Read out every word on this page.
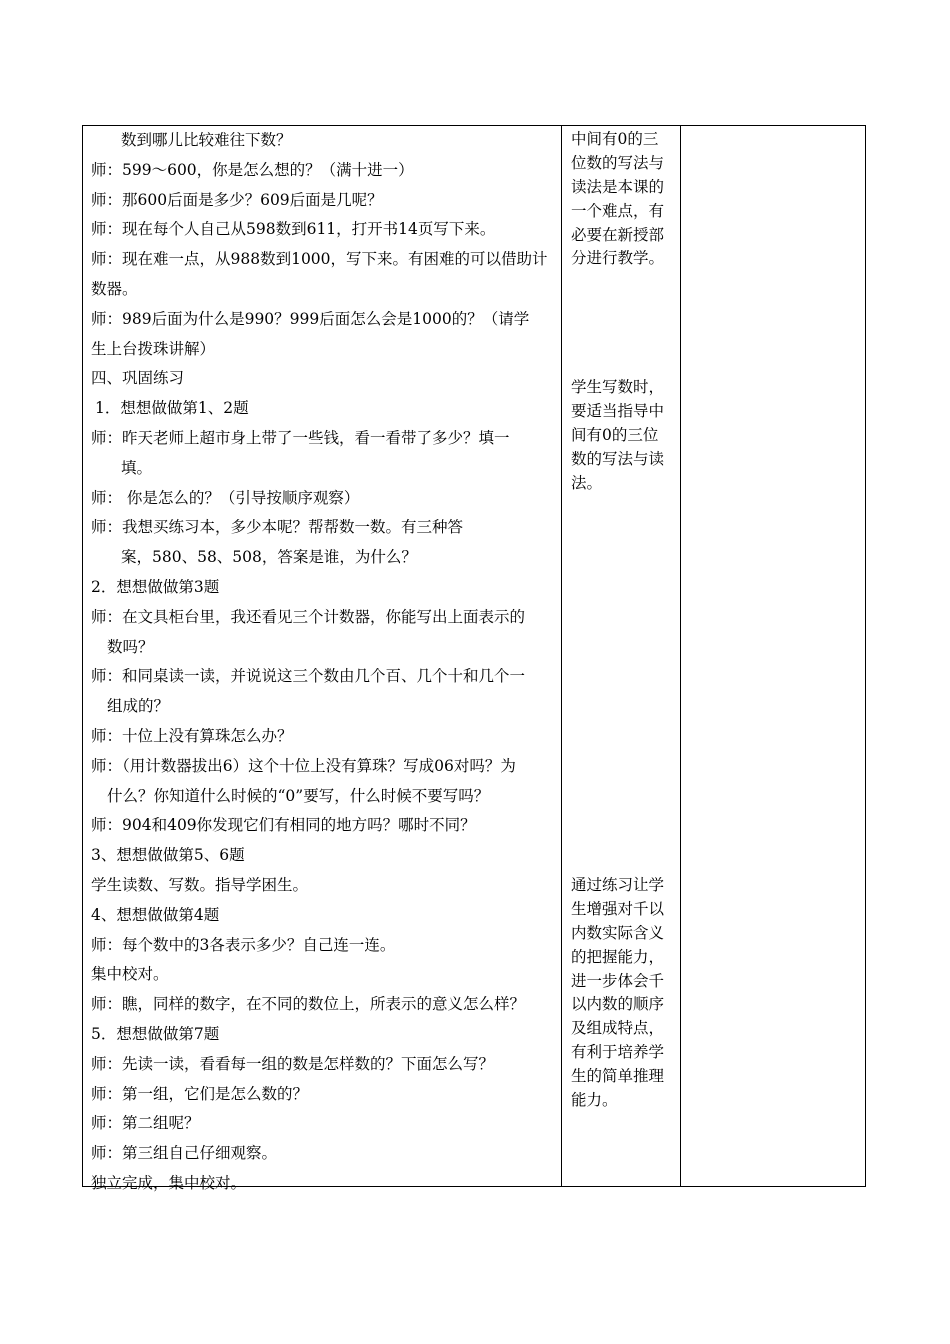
数到哪儿比较难往下数？
师：599～600，你是怎么想的？（满十进一）
师：那600后面是多少？609后面是几呢？
师：现在每个人自己从598数到611，打开书14页写下来。
师：现在难一点，从988数到1000，写下来。有困难的可以借助计
数器。
师：989后面为什么是990？999后面怎么会是1000的？（请学
生上台拨珠讲解）
四、巩固练习
1．想想做做第1、2题
师：昨天老师上超市身上带了一些钱，看一看带了多少？填一
填。
师： 你是怎么的？（引导按顺序观察）
师：我想买练习本，多少本呢？帮帮数一数。有三种答
案，580、58、508，答案是谁，为什么？
2．想想做做第3题
师：在文具柜台里，我还看见三个计数器，你能写出上面表示的
数吗？
师：和同桌读一读，并说说这三个数由几个百、几个十和几个一
组成的？
师：十位上没有算珠怎么办？
师：（用计数器拔出6）这个十位上没有算珠？写成06对吗？为
什么？你知道什么时候的“0”要写，什么时候不要写吗？
师：904和409你发现它们有相同的地方吗？哪时不同？
3、想想做做第5、6题
学生读数、写数。指导学困生。
4、想想做做第4题
师：每个数中的3各表示多少？自己连一连。
集中校对。
师：瞧，同样的数字，在不同的数位上，所表示的意义怎么样？
5．想想做做第7题
师：先读一读，看看每一组的数是怎样数的？下面怎么写？
师：第一组，它们是怎么数的？
师：第二组呢？
师：第三组自己仔细观察。
独立完成，集中校对。
中间有0的三
位数的写法与
读法是本课的
一个难点，有
必要在新授部
分进行教学。
学生写数时，
要适当指导中
间有0的三位
数的写法与读
法。
通过练习让学
生增强对千以
内数实际含义
的把握能力，
进一步体会千
以内数的顺序
及组成特点，
有利于培养学
生的简单推理
能力。
